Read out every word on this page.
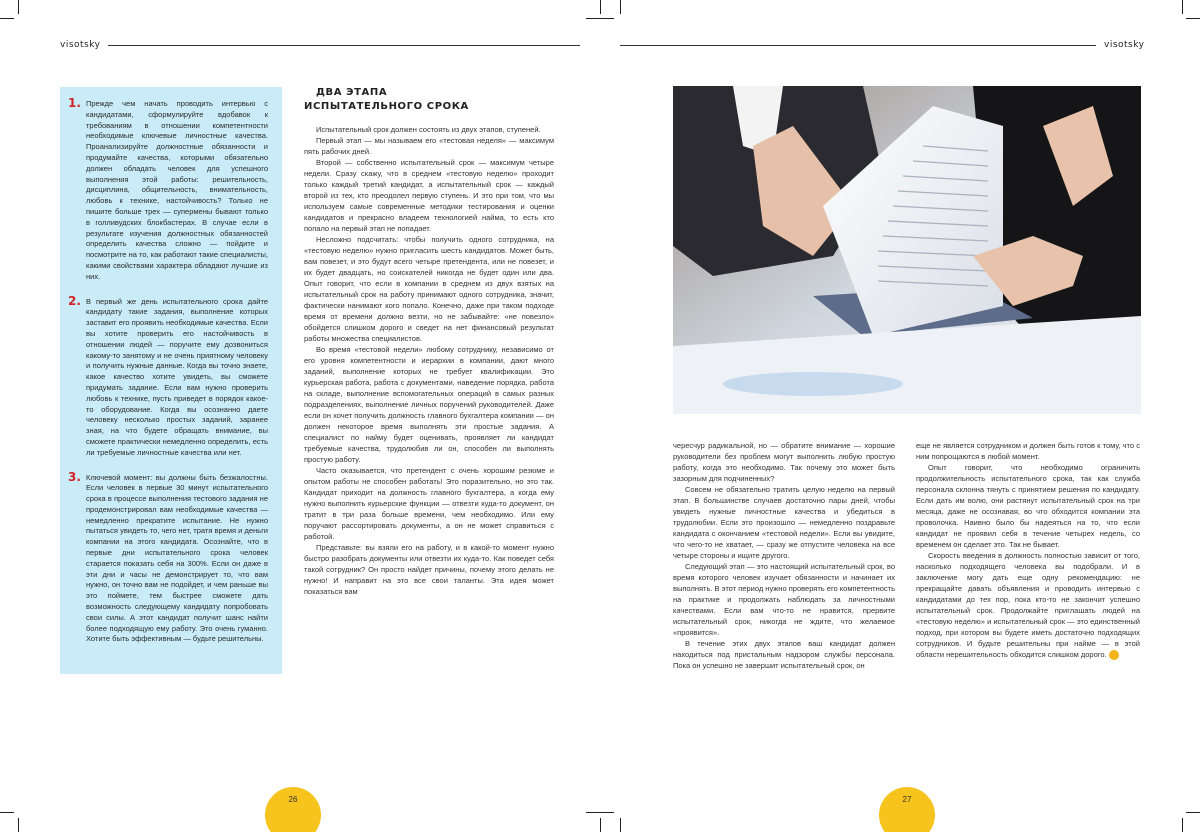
visotsky	visotsky
1. Прежде чем начать проводить интервью с кандидатами, сформулируйте вдобавок к требованиям в отношении компетентности необходимые ключевые личностные качества. Проанализируйте должностные обязанности и продумайте качества, которыми обязательно должен обладать человек для успешного выполнения этой работы: решительность, дисциплина, общительность, внимательность, любовь к технике, настойчивость? Только не пишите больше трех — супермены бывают только в голливудских блокбастерах. В случае если в результате изучения должностных обязанностей определить качества сложно — пойдите и посмотрите на то, как работают такие специалисты, какими свойствами характера обладают лучшие из них.
2. В первый же день испытательного срока дайте кандидату такие задания, выполнение которых заставит его проявить необходимые качества. Если вы хотите проверить его настойчивость в отношении людей — поручите ему дозвониться какому-то занятому и не очень приятному человеку и получить нужные данные. Когда вы точно знаете, какое качество хотите увидеть, вы сможете придумать задание. Если вам нужно проверить любовь к технике, пусть приведет в порядок какое-то оборудование. Когда вы осознанно даете человеку несколько простых заданий, заранее зная, на что будете обращать внимание, вы сможете практически немедленно определить, есть ли требуемые личностные качества или нет.
3. Ключевой момент: вы должны быть безжалостны. Если человек в первые 30 минут испытательного срока в процессе выполнения тестового задания не продемонстрировал вам необходимые качества — немедленно прекратите испытание. Не нужно пытаться увидеть то, чего нет, тратя время и деньги компании на этого кандидата. Осознайте, что в первые дни испытательного срока человек старается показать себя на 300%. Если он даже в эти дни и часы не демонстрирует то, что вам нужно, он точно вам не подойдет, и чем раньше вы это поймете, тем быстрее сможете дать возможность следующему кандидату попробовать свои силы. А этот кандидат получит шанс найти более подходящую ему работу. Это очень гуманно. Хотите быть эффективным — будьте решительны.
ДВА ЭТАПА
ИСПЫТАТЕЛЬНОГО СРОКА

Испытательный срок должен состоять из двух этапов, ступеней.

Первый этап — мы называем его «тестовая неделя» — максимум пять рабочих дней.

Второй — собственно испытательный срок — максимум четыре недели. Сразу скажу, что в среднем «тестовую неделю» проходит только каждый третий кандидат, а испытательный срок — каждый второй из тех, кто преодолел первую ступень. И это при том, что мы используем самые современные методики тестирования и оценки кандидатов и прекрасно владеем технологией найма, то есть кто попало на первый этап не попадает.

Несложно подсчитать: чтобы получить одного сотрудника, на «тестовую неделю» нужно пригласить шесть кандидатов. Может быть, вам повезет, и это будут всего четыре претендента, или не повезет, и их будет двадцать, но соискателей никогда не будет один или два. Опыт говорит, что если в компании в среднем из двух взятых на испытательный срок на работу принимают одного сотрудника, значит, фактически нанимают кого попало. Конечно, даже при таком подходе время от времени должно везти, но не забывайте: «не повезло» обойдется слишком дорого и сведет на нет финансовый результат работы множества специалистов.

Во время «тестовой недели» любому сотруднику, независимо от его уровня компетентности и иерархии в компании, дают много заданий, выполнение которых не требует квалификации. Это курьерская работа, работа с документами, наведение порядка, работа на складе, выполнение вспомогательных операций в самых разных подразделениях, выполнение личных поручений руководителей. Даже если он хочет получить должность главного бухгалтера компании — он должен некоторое время выполнять эти простые задания. А специалист по найму будет оценивать, проявляет ли кандидат требуемые качества, трудолюбив ли он, способен ли выполнять простую работу.

Часто оказывается, что претендент с очень хорошим резюме и опытом работы не способен работать! Это поразительно, но это так. Кандидат приходит на должность главного бухгалтера, а когда ему нужно выполнить курьерские функции — отвезти куда-то документ, он тратит в три раза больше времени, чем необходимо. Или ему поручают рассортировать документы, а он не может справиться с работой.

Представьте: вы взяли его на работу, и в какой-то момент нужно быстро разобрать документы или отвезти их куда-то. Как поведет себя такой сотрудник? Он просто найдет причины, почему этого делать не нужно! И направит на это все свои таланты. Эта идея может показаться вам

чересчур радикальной, но — обратите внимание — хорошие руководители без проблем могут выполнить любую простую работу, когда это необходимо. Так почему это может быть зазорным для подчиненных?

Совсем не обязательно тратить целую неделю на первый этап. В большинстве случаев достаточно пары дней, чтобы увидеть нужные личностные качества и убедиться в трудолюбии. Если это произошло — немедленно поздравьте кандидата с окончанием «тестовой недели». Если вы увидите, что чего-то не хватает, — сразу же отпустите человека на все четыре стороны и ищите другого.

Следующий этап — это настоящий испытательный срок, во время которого человек изучает обязанности и начинает их выполнять. В этот период нужно проверять его компетентность на практике и продолжать наблюдать за личностными качествами. Если вам что-то не нравится, прервите испытательный срок, никогда не ждите, что желаемое «проявится».

В течение этих двух этапов ваш кандидат должен находиться под пристальным надзором службы персонала. Пока он успешно не завершит испытательный срок, он

еще не является сотрудником и должен быть готов к тому, что с ним попрощаются в любой момент.

Опыт говорит, что необходимо ограничить продолжительность испытательного срока, так как служба персонала склонна тянуть с принятием решения по кандидату. Если дать им волю, они растянут испытательный срок на три месяца, даже не осознавая, во что обходится компании эта проволочка. Наивно было бы надеяться на то, что если кандидат не проявил себя в течение четырех недель, со временем он сделает это. Так не бывает.

Скорость введения в должность полностью зависит от того, насколько подходящего человека вы подобрали. И в заключение могу дать еще одну рекомендацию: не прекращайте давать объявления и проводить интервью с кандидатами до тех пор, пока кто-то не закончит успешно испытательный срок. Продолжайте приглашать людей на «тестовую неделю» и испытательный срок — это единственный подход, при котором вы будете иметь достаточно подходящих сотрудников. И будьте решительны при найме — в этой области нерешительность обходится слишком дорого. V

26	27
